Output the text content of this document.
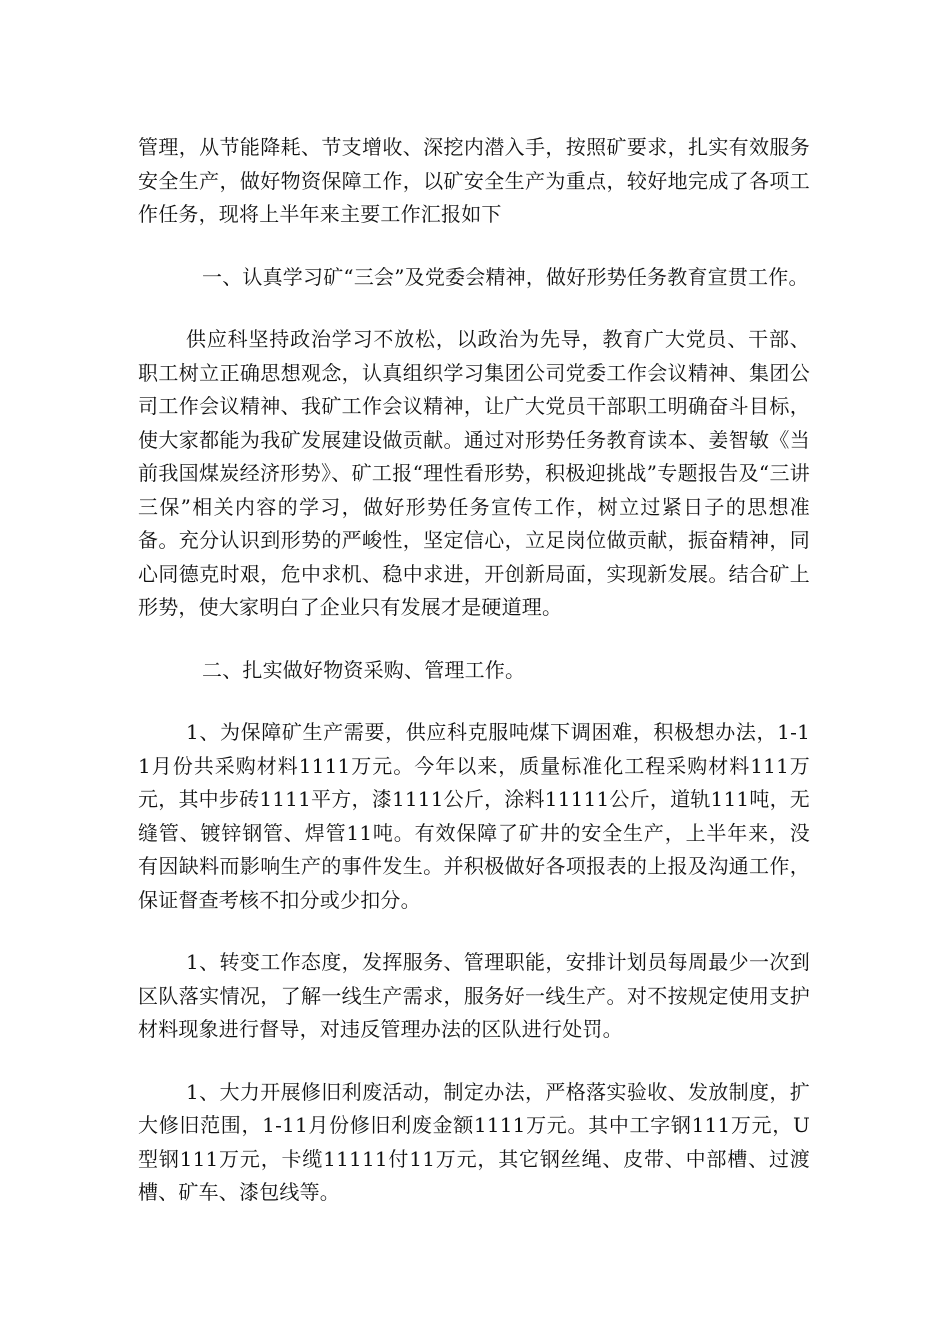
管理，从节能降耗、节支增收、深挖内潜入手，按照矿要求，扎实有效服务安全生产，做好物资保障工作，以矿安全生产为重点，较好地完成了各项工作任务，现将上半年来主要工作汇报如下

一、认真学习矿“三会”及党委会精神，做好形势任务教育宣贯工作。

供应科坚持政治学习不放松，以政治为先导，教育广大党员、干部、职工树立正确思想观念，认真组织学习集团公司党委工作会议精神、集团公司工作会议精神、我矿工作会议精神，让广大党员干部职工明确奋斗目标，使大家都能为我矿发展建设做贡献。通过对形势任务教育读本、姜智敏《当前我国煤炭经济形势》、矿工报“理性看形势，积极迎挑战”专题报告及“三讲三保”相关内容的学习，做好形势任务宣传工作，树立过紧日子的思想准备。充分认识到形势的严峻性，坚定信心，立足岗位做贡献，振奋精神，同心同德克时艰，危中求机、稳中求进，开创新局面，实现新发展。结合矿上形势，使大家明白了企业只有发展才是硬道理。

二、扎实做好物资采购、管理工作。

1、为保障矿生产需要，供应科克服吨煤下调困难，积极想办法，1-11月份共采购材料1111万元。今年以来，质量标准化工程采购材料111万元，其中步砖1111平方，漆1111公斤，涂料11111公斤，道轨111吨，无缝管、镀锌钢管、焊管11吨。有效保障了矿井的安全生产，上半年来，没有因缺料而影响生产的事件发生。并积极做好各项报表的上报及沟通工作，保证督查考核不扣分或少扣分。

1、转变工作态度，发挥服务、管理职能，安排计划员每周最少一次到区队落实情况，了解一线生产需求，服务好一线生产。对不按规定使用支护材料现象进行督导，对违反管理办法的区队进行处罚。

1、大力开展修旧利废活动，制定办法，严格落实验收、发放制度，扩大修旧范围，1-11月份修旧利废金额1111万元。其中工字钢111万元，U型钢111万元，卡缆11111付11万元，其它钢丝绳、皮带、中部槽、过渡槽、矿车、漆包线等。
